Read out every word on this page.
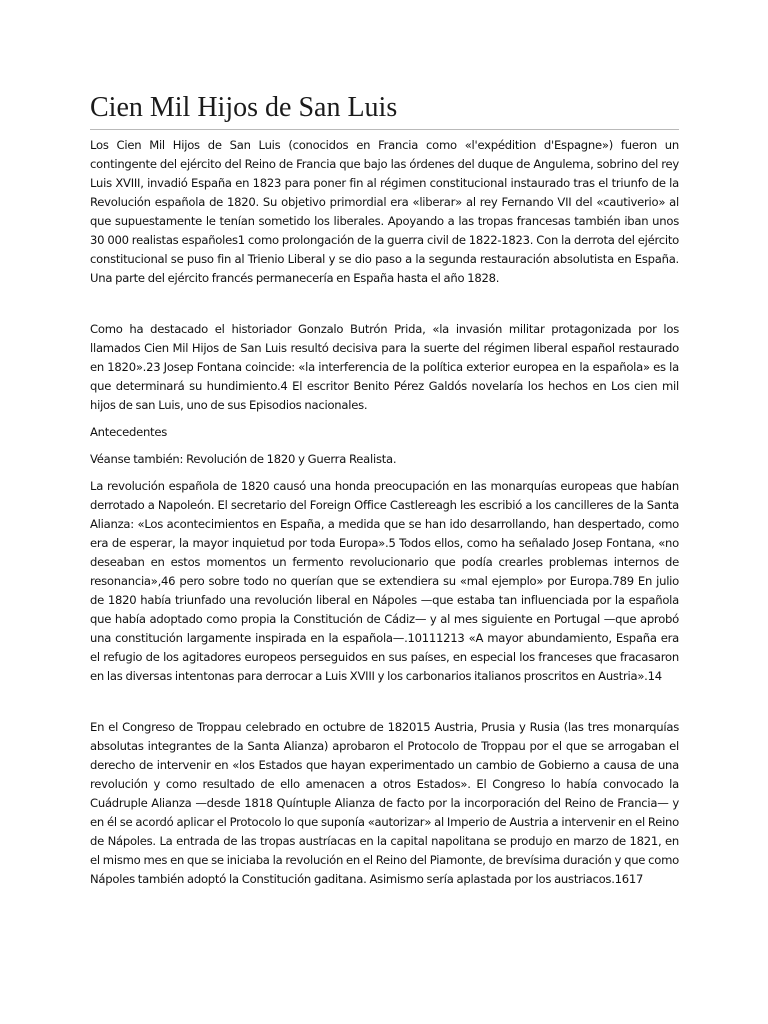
Cien Mil Hijos de San Luis

Los Cien Mil Hijos de San Luis (conocidos en Francia como «l'expédition d'Espagne») fueron un contingente del ejército del Reino de Francia que bajo las órdenes del duque de Angulema, sobrino del rey Luis XVIII, invadió España en 1823 para poner fin al régimen constitucional instaurado tras el triunfo de la Revolución española de 1820. Su objetivo primordial era «liberar» al rey Fernando VII del «cautiverio» al que supuestamente le tenían sometido los liberales. Apoyando a las tropas francesas también iban unos 30 000 realistas españoles1 como prolongación de la guerra civil de 1822-1823. Con la derrota del ejército constitucional se puso fin al Trienio Liberal y se dio paso a la segunda restauración absolutista en España. Una parte del ejército francés permanecería en España hasta el año 1828.

Como ha destacado el historiador Gonzalo Butrón Prida, «la invasión militar protagonizada por los llamados Cien Mil Hijos de San Luis resultó decisiva para la suerte del régimen liberal español restaurado en 1820».23 Josep Fontana coincide: «la interferencia de la política exterior europea en la española» es la que determinará su hundimiento.4 El escritor Benito Pérez Galdós novelaría los hechos en Los cien mil hijos de san Luis, uno de sus Episodios nacionales.

Antecedentes

Véanse también: Revolución de 1820 y Guerra Realista.

La revolución española de 1820 causó una honda preocupación en las monarquías europeas que habían derrotado a Napoleón. El secretario del Foreign Office Castlereagh les escribió a los cancilleres de la Santa Alianza: «Los acontecimientos en España, a medida que se han ido desarrollando, han despertado, como era de esperar, la mayor inquietud por toda Europa».5 Todos ellos, como ha señalado Josep Fontana, «no deseaban en estos momentos un fermento revolucionario que podía crearles problemas internos de resonancia»,46 pero sobre todo no querían que se extendiera su «mal ejemplo» por Europa.789 En julio de 1820 había triunfado una revolución liberal en Nápoles —que estaba tan influenciada por la española que había adoptado como propia la Constitución de Cádiz— y al mes siguiente en Portugal —que aprobó una constitución largamente inspirada en la española—.10111213 «A mayor abundamiento, España era el refugio de los agitadores europeos perseguidos en sus países, en especial los franceses que fracasaron en las diversas intentonas para derrocar a Luis XVIII y los carbonarios italianos proscritos en Austria».14

En el Congreso de Troppau celebrado en octubre de 182015 Austria, Prusia y Rusia (las tres monarquías absolutas integrantes de la Santa Alianza) aprobaron el Protocolo de Troppau por el que se arrogaban el derecho de intervenir en «los Estados que hayan experimentado un cambio de Gobierno a causa de una revolución y como resultado de ello amenacen a otros Estados». El Congreso lo había convocado la Cuádruple Alianza —desde 1818 Quíntuple Alianza de facto por la incorporación del Reino de Francia— y en él se acordó aplicar el Protocolo lo que suponía «autorizar» al Imperio de Austria a intervenir en el Reino de Nápoles. La entrada de las tropas austríacas en la capital napolitana se produjo en marzo de 1821, en el mismo mes en que se iniciaba la revolución en el Reino del Piamonte, de brevísima duración y que como Nápoles también adoptó la Constitución gaditana. Asimismo sería aplastada por los austriacos.1617
